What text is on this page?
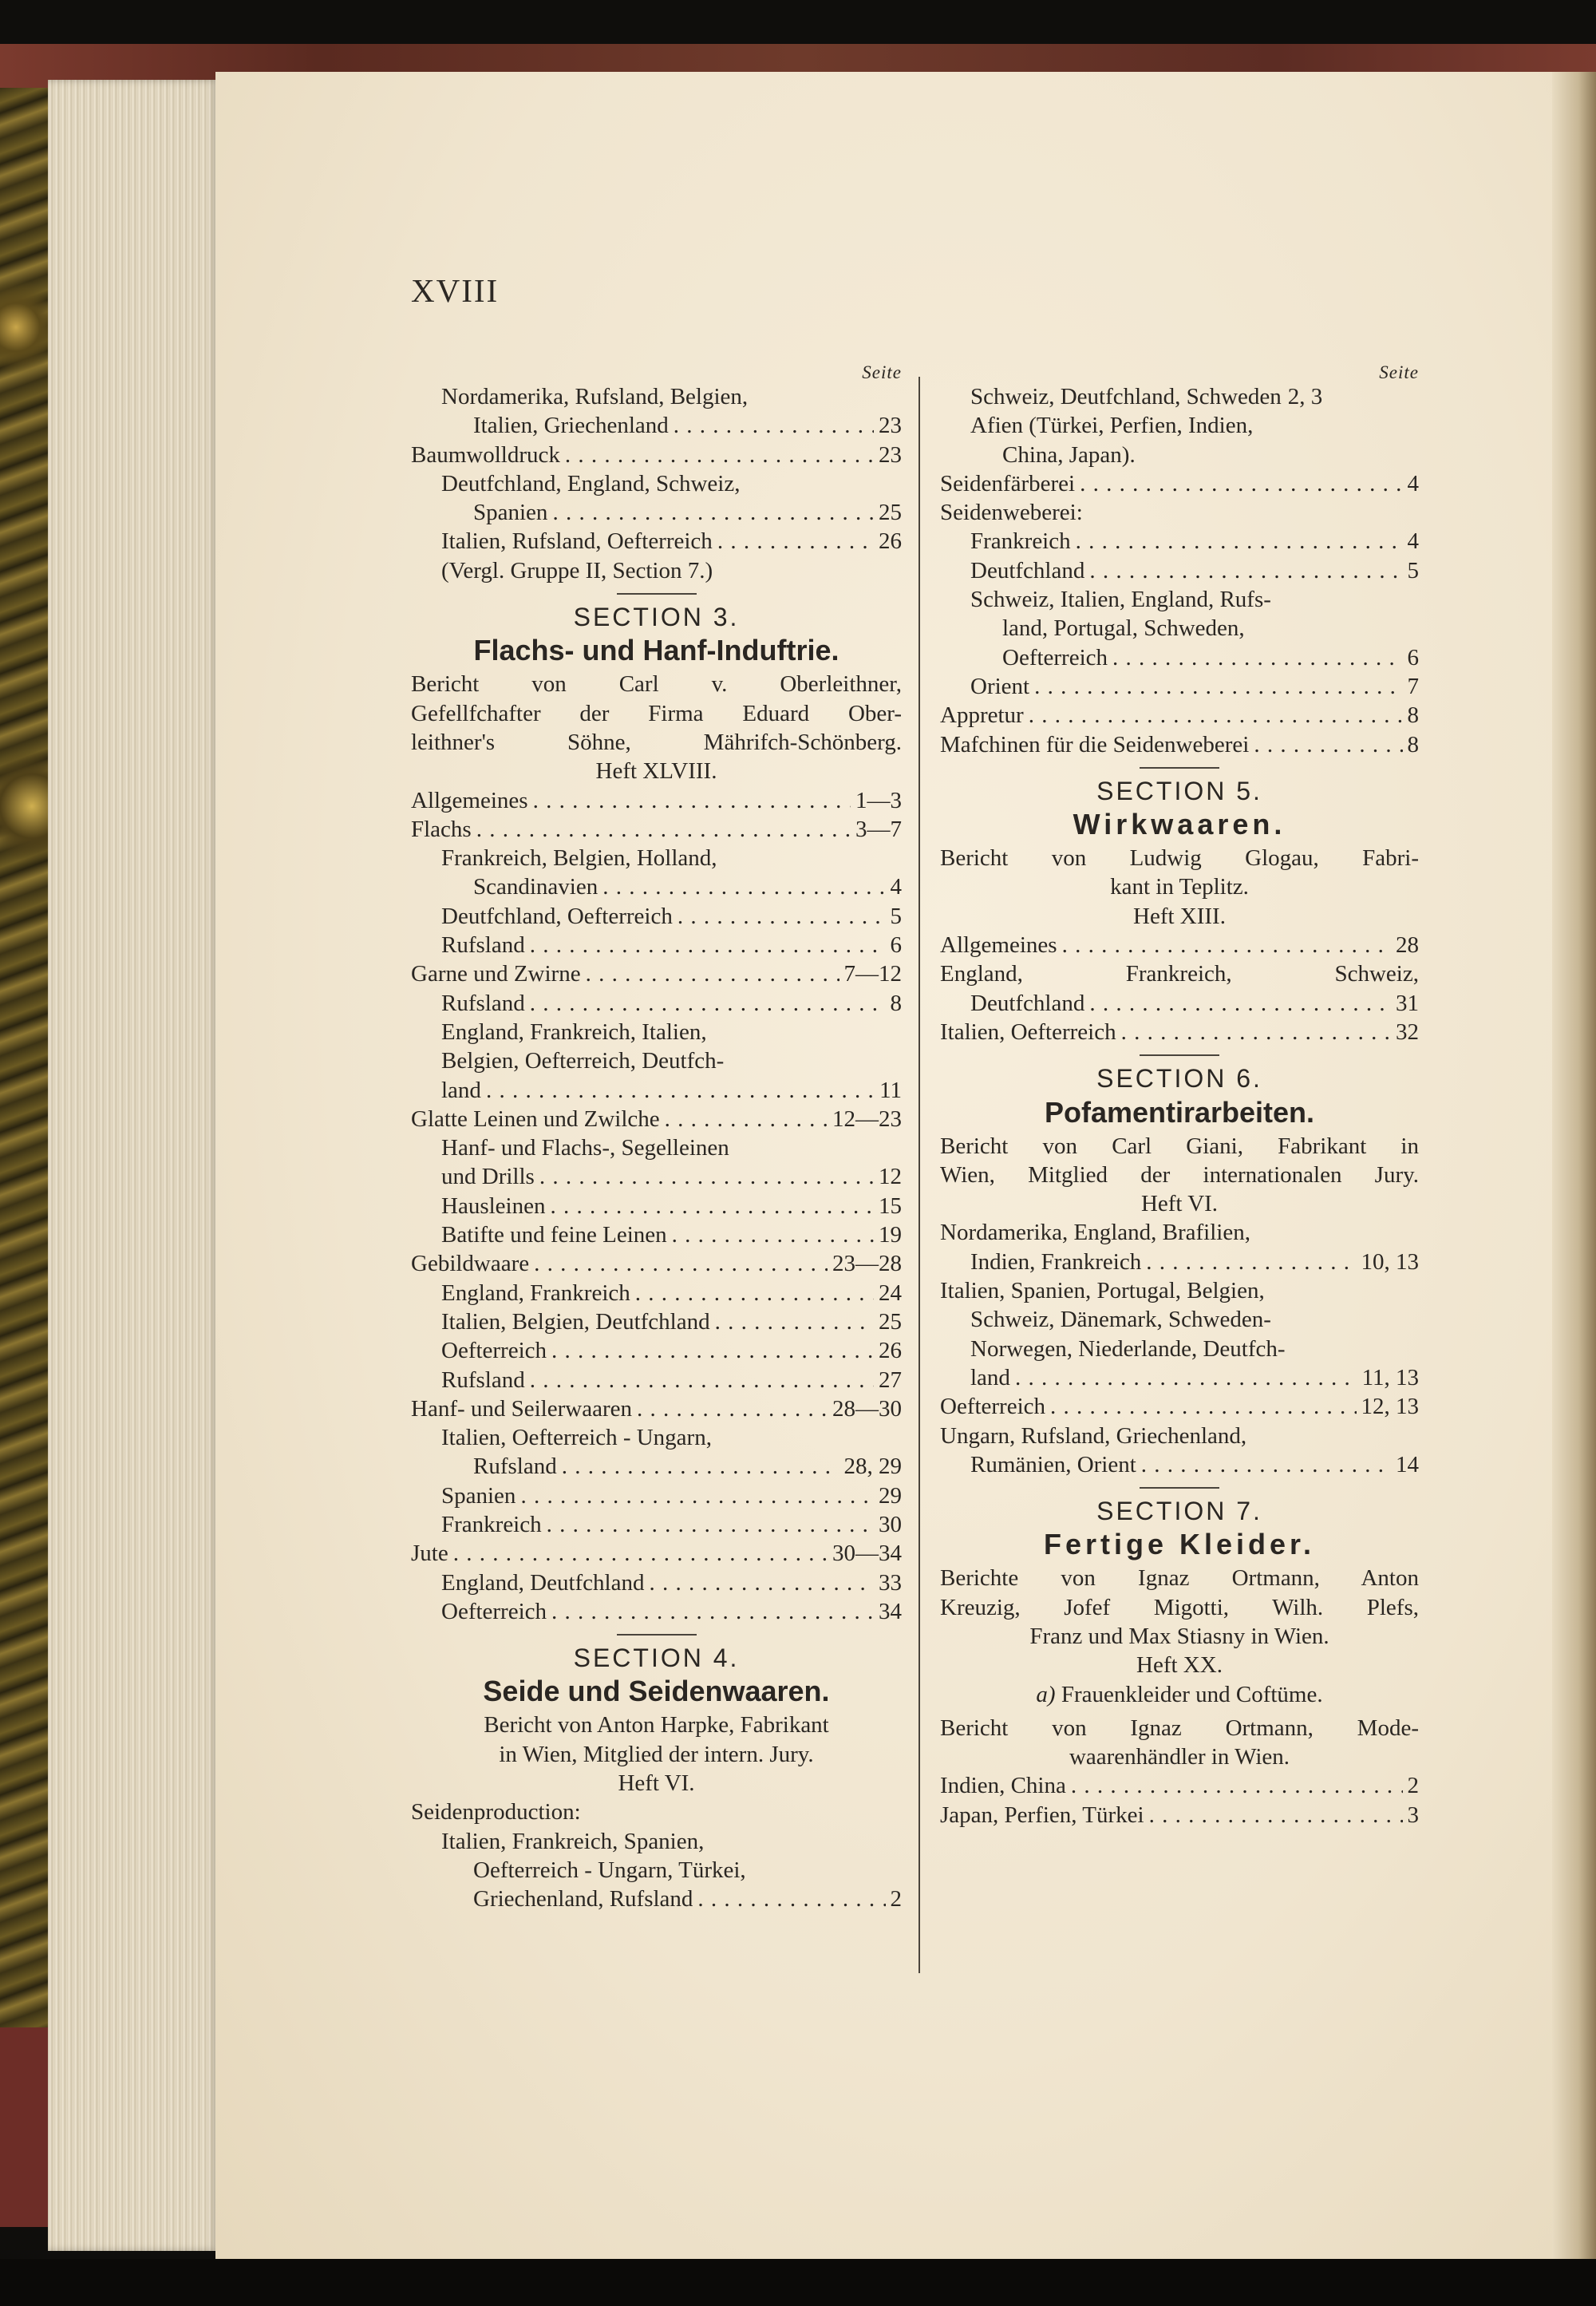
XVIII
Seite
Nordamerika, Rufsland, Belgien,
Italien, Griechenland . . .	23
Baumwolldruck . . .	23
Deutfchland, England, Schweiz,
Spanien . . .	25
Italien, Rufsland, Oefterreich . . .	26
(Vergl. Gruppe II, Section 7.)
SECTION 3.
Flachs- und Hanf-Induftrie.
Bericht von Carl v. Oberleithner,
Gefellfchafter der Firma Eduard Ober-
leithner's Söhne, Mährifch-Schönberg.
Heft XLVIII.
Allgemeines . . .	1—3
Flachs . . .	3—7
Frankreich, Belgien, Holland,
Scandinavien . . .	4
Deutfchland, Oefterreich . . .	5
Rufsland . . .	6
Garne und Zwirne . . .	7—12
Rufsland . . .	8
England, Frankreich, Italien,
Belgien, Oefterreich, Deutfch-
land . . .	11
Glatte Leinen und Zwilche . . .	12—23
Hanf- und Flachs-, Segelleinen
und Drills . . .	12
Hausleinen . . .	15
Batifte und feine Leinen . . .	19
Gebildwaare . . .	23—28
England, Frankreich . . .	24
Italien, Belgien, Deutfchland . . .	25
Oefterreich . . .	26
Rufsland . . .	27
Hanf- und Seilerwaaren . . .	28—30
Italien, Oefterreich - Ungarn,
Rufsland . . .	28, 29
Spanien . . .	29
Frankreich . . .	30
Jute . . .	30—34
England, Deutfchland . . .	33
Oefterreich . . .	34
SECTION 4.
Seide und Seidenwaaren.
Bericht von Anton Harpke, Fabrikant
in Wien, Mitglied der intern. Jury.
Heft VI.
Seidenproduction:
Italien, Frankreich, Spanien,
Oefterreich - Ungarn, Türkei,
Griechenland, Rufsland . . .	2
Seite
Schweiz, Deutfchland, Schweden 2, 3
Afien (Türkei, Perfien, Indien,
China, Japan).
Seidenfärberei . . .	4
Seidenweberei:
Frankreich . . .	4
Deutfchland . . .	5
Schweiz, Italien, England, Rufs-
land, Portugal, Schweden,
Oefterreich . . .	6
Orient . . .	7
Appretur . . .	8
Mafchinen für die Seidenweberei . . .	8
SECTION 5.
Wirkwaaren.
Bericht von Ludwig Glogau, Fabri-
kant in Teplitz.
Heft XIII.
Allgemeines . . .	28
England, Frankreich, Schweiz,
Deutfchland . . .	31
Italien, Oefterreich . . .	32
SECTION 6.
Pofamentirarbeiten.
Bericht von Carl Giani, Fabrikant in
Wien, Mitglied der internationalen Jury.
Heft VI.
Nordamerika, England, Brafilien,
Indien, Frankreich . . .	10, 13
Italien, Spanien, Portugal, Belgien,
Schweiz, Dänemark, Schweden-
Norwegen, Niederlande, Deutfch-
land . . .	11, 13
Oefterreich . . .	12, 13
Ungarn, Rufsland, Griechenland,
Rumänien, Orient . . .	14
SECTION 7.
Fertige Kleider.
Berichte von Ignaz Ortmann, Anton
Kreuzig, Jofef Migotti, Wilh. Plefs,
Franz und Max Stiasny in Wien.
Heft XX.
a) Frauenkleider und Coftüme.
Bericht von Ignaz Ortmann, Mode-
waarenhändler in Wien.
Indien, China . . .	2
Japan, Perfien, Türkei . . .	3
